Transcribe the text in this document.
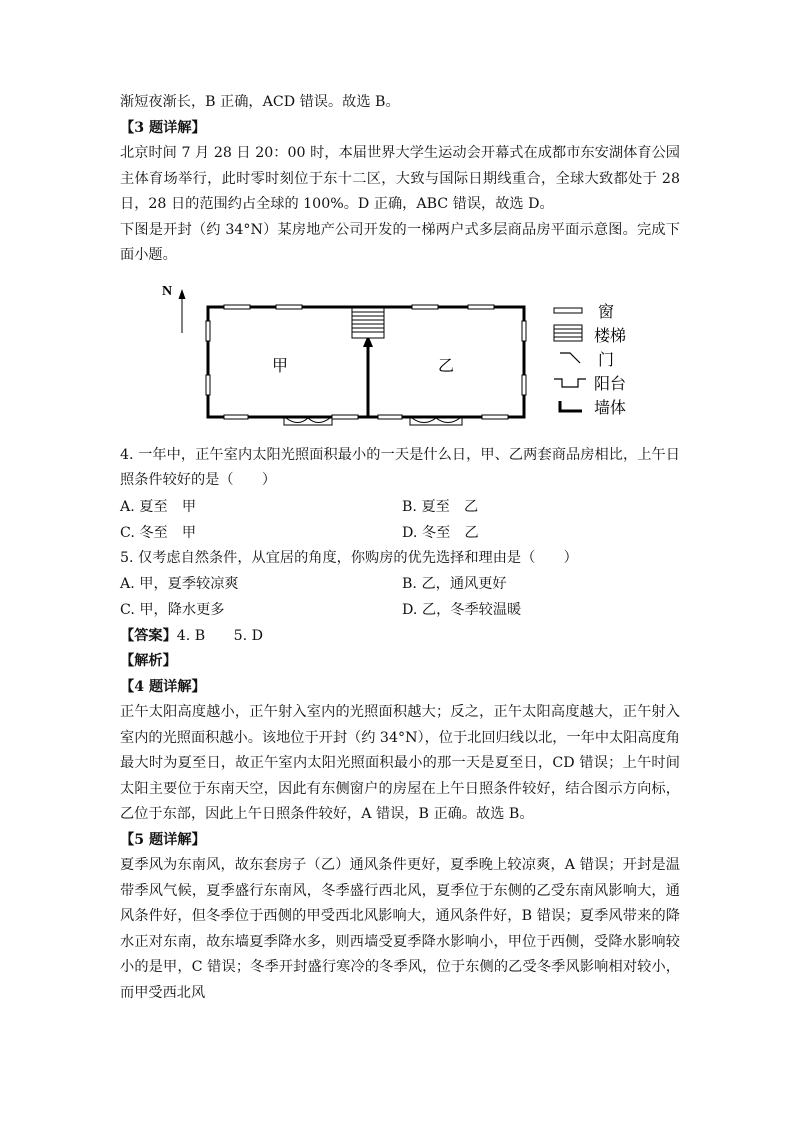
渐短夜渐长，B 正确，ACD 错误。故选 B。

【3 题详解】

北京时间 7 月 28 日 20：00 时，本届世界大学生运动会开幕式在成都市东安湖体育公园主体育场举行，此时零时刻位于东十二区，大致与国际日期线重合，全球大致都处于 28 日，28 日的范围约占全球的 100%。D 正确，ABC 错误，故选 D。

下图是开封（约 34°N）某房地产公司开发的一梯两户式多层商品房平面示意图。完成下面小题。

N
甲	乙
窗
楼梯
门
阳台
墙体

4. 一年中，正午室内太阳光照面积最小的一天是什么日，甲、乙两套商品房相比，上午日照条件较好的是（　　）

A. 夏至　甲	B. 夏至　乙
C. 冬至　甲	D. 冬至　乙

5. 仅考虑自然条件，从宜居的角度，你购房的优先选择和理由是（　　）

A. 甲，夏季较凉爽	B. 乙，通风更好
C. 甲，降水更多	D. 乙，冬季较温暖

【答案】4. B　　5. D

【解析】

【4 题详解】

正午太阳高度越小，正午射入室内的光照面积越大；反之，正午太阳高度越大，正午射入室内的光照面积越小。该地位于开封（约 34°N），位于北回归线以北，一年中太阳高度角最大时为夏至日，故正午室内太阳光照面积最小的那一天是夏至日，CD 错误；上午时间太阳主要位于东南天空，因此有东侧窗户的房屋在上午日照条件较好，结合图示方向标，乙位于东部，因此上午日照条件较好，A 错误，B 正确。故选 B。

【5 题详解】

夏季风为东南风，故东套房子（乙）通风条件更好，夏季晚上较凉爽，A 错误；开封是温带季风气候，夏季盛行东南风，冬季盛行西北风，夏季位于东侧的乙受东南风影响大，通风条件好，但冬季位于西侧的甲受西北风影响大，通风条件好，B 错误；夏季风带来的降水正对东南，故东墙夏季降水多，则西墙受夏季降水影响小，甲位于西侧，受降水影响较小的是甲，C 错误；冬季开封盛行寒冷的冬季风，位于东侧的乙受冬季风影响相对较小，而甲受西北风
